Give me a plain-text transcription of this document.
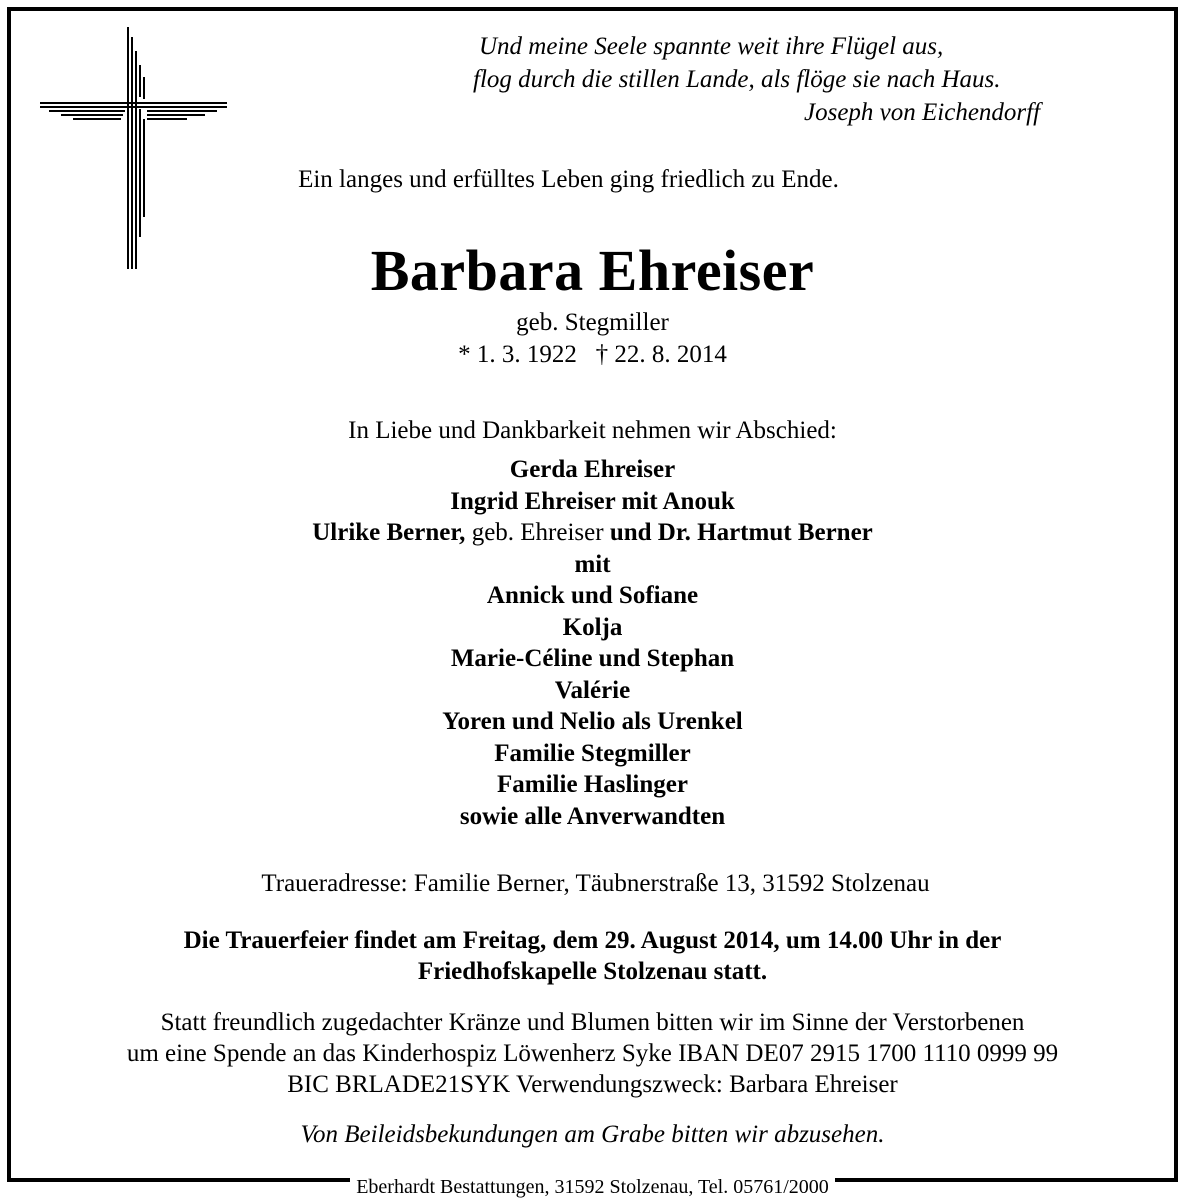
Und meine Seele spannte weit ihre Flügel aus,
flog durch die stillen Lande, als flöge sie nach Haus.
Joseph von Eichendorff
Ein langes und erfülltes Leben ging friedlich zu Ende.
Barbara Ehreiser
geb. Stegmiller
* 1. 3. 1922   † 22. 8. 2014
In Liebe und Dankbarkeit nehmen wir Abschied:
Gerda Ehreiser
Ingrid Ehreiser mit Anouk
Ulrike Berner, geb. Ehreiser und Dr. Hartmut Berner
mit
Annick und Sofiane
Kolja
Marie-Céline und Stephan
Valérie
Yoren und Nelio als Urenkel
Familie Stegmiller
Familie Haslinger
sowie alle Anverwandten
Traueradresse: Familie Berner, Täubnerstraße 13, 31592 Stolzenau
Die Trauerfeier findet am Freitag, dem 29. August 2014, um 14.00 Uhr in der
Friedhofskapelle Stolzenau statt.
Statt freundlich zugedachter Kränze und Blumen bitten wir im Sinne der Verstorbenen
um eine Spende an das Kinderhospiz Löwenherz Syke IBAN DE07 2915 1700 1110 0999 99
BIC BRLADE21SYK Verwendungszweck: Barbara Ehreiser
Von Beileidsbekundungen am Grabe bitten wir abzusehen.
Eberhardt Bestattungen, 31592 Stolzenau, Tel. 05761/2000
